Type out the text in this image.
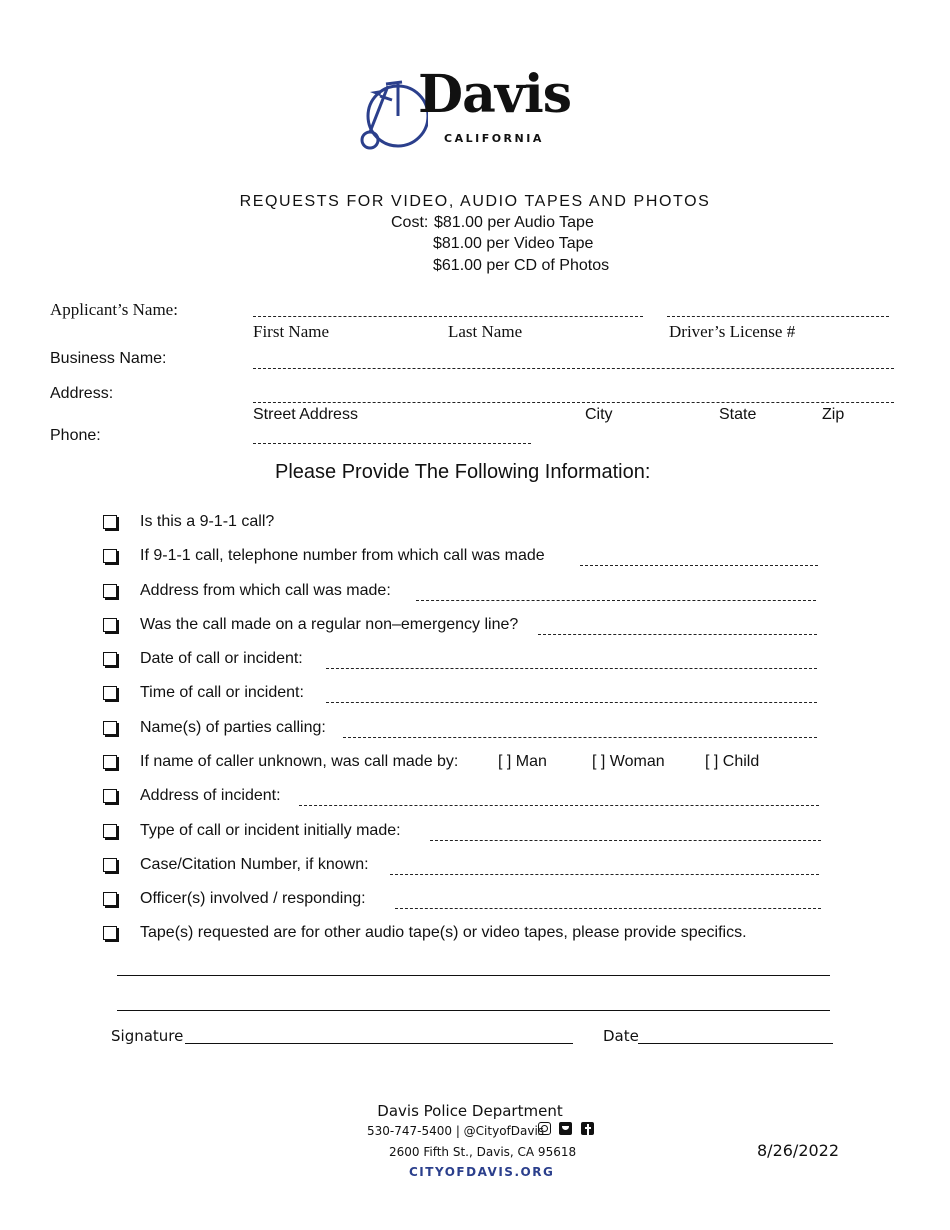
Davis
CALIFORNIA
REQUESTS FOR VIDEO, AUDIO TAPES AND PHOTOS
Cost: $81.00 per Audio Tape
$81.00 per Video Tape
$61.00 per CD of Photos
Applicant’s Name:
First Name	Last Name	Driver’s License #
Business Name:
Address:
Street Address	City	State	Zip
Phone:
Please Provide The Following Information:
Is this a 9-1-1 call?
If 9-1-1 call, telephone number from which call was made
Address from which call was made:
Was the call made on a regular non–emergency line?
Date of call or incident:
Time of call or incident:
Name(s) of parties calling:
If name of caller unknown, was call made by: [ ] Man	[ ] Woman	[ ] Child
Address of incident:
Type of call or incident initially made:
Case/Citation Number, if known:
Officer(s) involved / responding:
Tape(s) requested are for other audio tape(s) or video tapes, please provide specifics.
Signature	Date
Davis Police Department
530-747-5400 | @CityofDavis

2600 Fifth St., Davis, CA 95618
CITYOFDAVIS.ORG
8/26/2022
